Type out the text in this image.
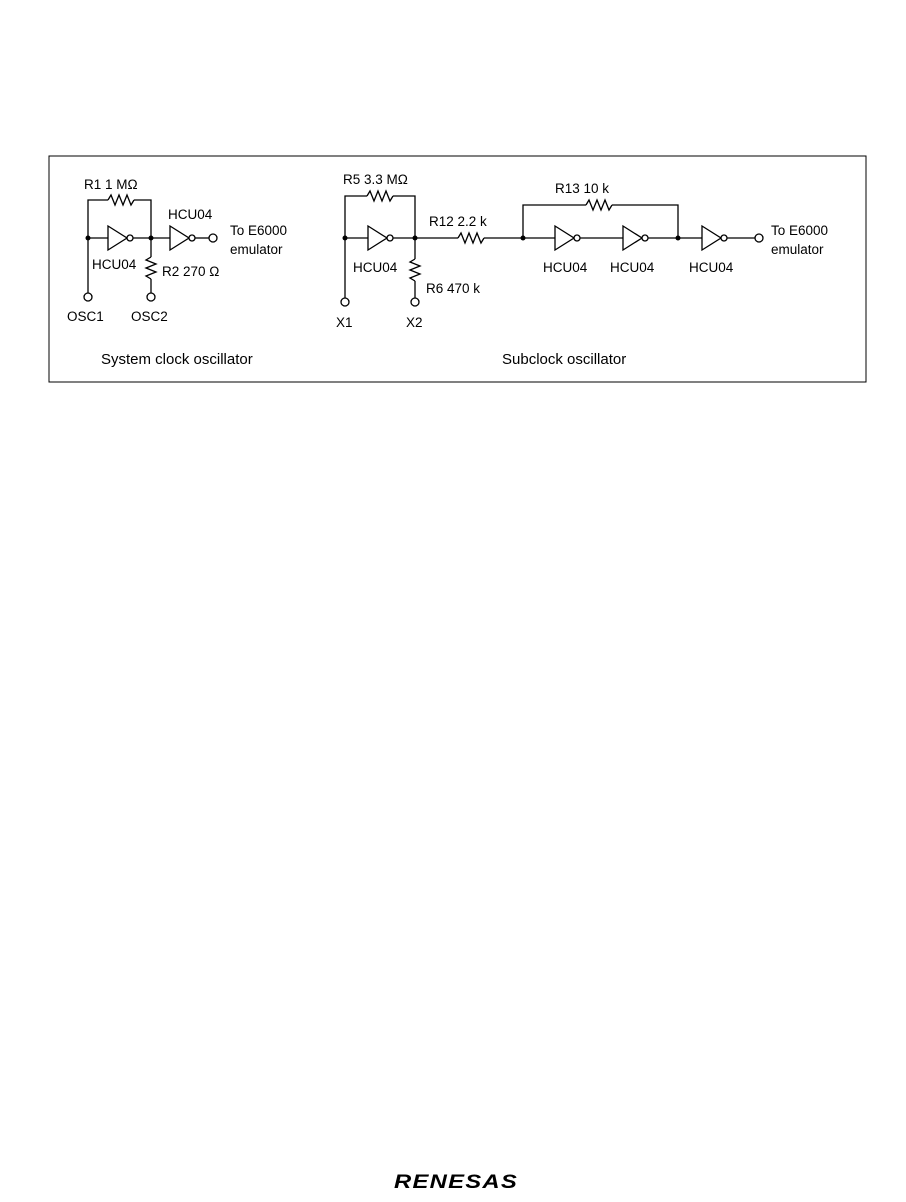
R1 1 MΩ
HCU04
HCU04
To E6000
emulator
R2 270 Ω
OSC1 OSC2
System clock oscillator
R5 3.3 MΩ
R13 10 k
R12 2.2 k
To E6000
emulator
HCU04	HCU04 HCU04	HCU04
R6 470 k
X1	X2
Subclock oscillator
RENESAS
